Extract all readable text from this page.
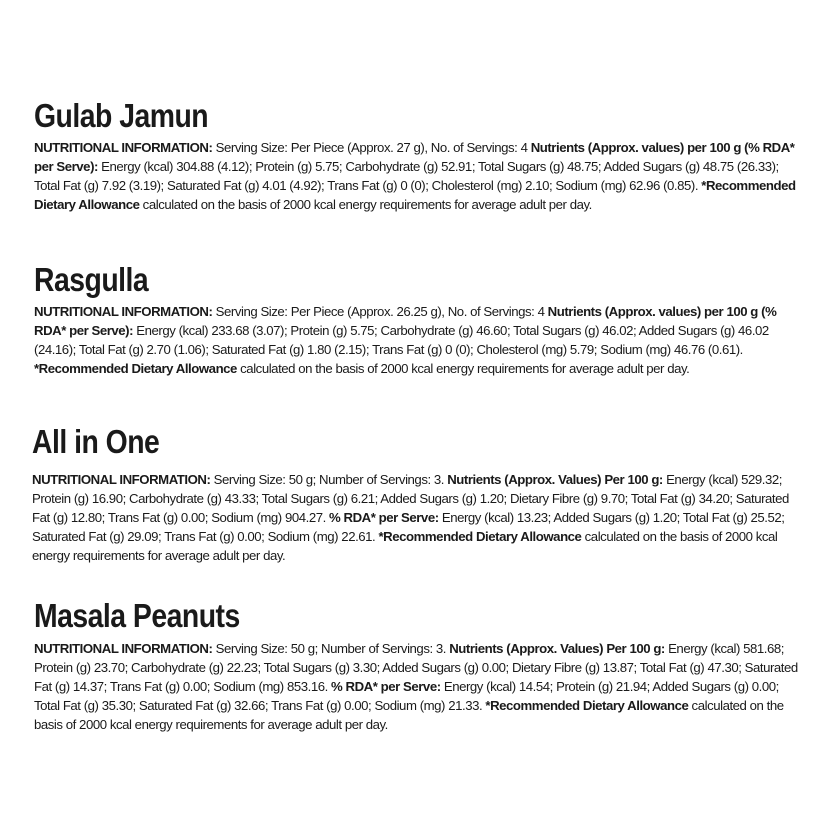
Gulab Jamun

NUTRITIONAL INFORMATION: Serving Size: Per Piece (Approx. 27 g), No. of Servings: 4 Nutrients (Approx. values) per 100 g (% RDA* per Serve): Energy (kcal) 304.88 (4.12); Protein (g) 5.75; Carbohydrate (g) 52.91; Total Sugars (g) 48.75; Added Sugars (g) 48.75 (26.33); Total Fat (g) 7.92 (3.19); Saturated Fat (g) 4.01 (4.92); Trans Fat (g) 0 (0); Cholesterol (mg) 2.10; Sodium (mg) 62.96 (0.85). *Recommended Dietary Allowance calculated on the basis of 2000 kcal energy requirements for average adult per day.

Rasgulla

NUTRITIONAL INFORMATION: Serving Size: Per Piece (Approx. 26.25 g), No. of Servings: 4 Nutrients (Approx. values) per 100 g (% RDA* per Serve): Energy (kcal) 233.68 (3.07); Protein (g) 5.75; Carbohydrate (g) 46.60; Total Sugars (g) 46.02; Added Sugars (g) 46.02 (24.16); Total Fat (g) 2.70 (1.06); Saturated Fat (g) 1.80 (2.15); Trans Fat (g) 0 (0); Cholesterol (mg) 5.79; Sodium (mg) 46.76 (0.61). *Recommended Dietary Allowance calculated on the basis of 2000 kcal energy requirements for average adult per day.

All in One

NUTRITIONAL INFORMATION: Serving Size: 50 g; Number of Servings: 3. Nutrients (Approx. Values) Per 100 g: Energy (kcal) 529.32; Protein (g) 16.90; Carbohydrate (g) 43.33; Total Sugars (g) 6.21; Added Sugars (g) 1.20; Dietary Fibre (g) 9.70; Total Fat (g) 34.20; Saturated Fat (g) 12.80; Trans Fat (g) 0.00; Sodium (mg) 904.27. % RDA* per Serve: Energy (kcal) 13.23; Added Sugars (g) 1.20; Total Fat (g) 25.52; Saturated Fat (g) 29.09; Trans Fat (g) 0.00; Sodium (mg) 22.61. *Recommended Dietary Allowance calculated on the basis of 2000 kcal energy requirements for average adult per day.

Masala Peanuts

NUTRITIONAL INFORMATION: Serving Size: 50 g; Number of Servings: 3. Nutrients (Approx. Values) Per 100 g: Energy (kcal) 581.68; Protein (g) 23.70; Carbohydrate (g) 22.23; Total Sugars (g) 3.30; Added Sugars (g) 0.00; Dietary Fibre (g) 13.87; Total Fat (g) 47.30; Saturated Fat (g) 14.37; Trans Fat (g) 0.00; Sodium (mg) 853.16. % RDA* per Serve: Energy (kcal) 14.54; Protein (g) 21.94; Added Sugars (g) 0.00; Total Fat (g) 35.30; Saturated Fat (g) 32.66; Trans Fat (g) 0.00; Sodium (mg) 21.33. *Recommended Dietary Allowance calculated on the basis of 2000 kcal energy requirements for average adult per day.
